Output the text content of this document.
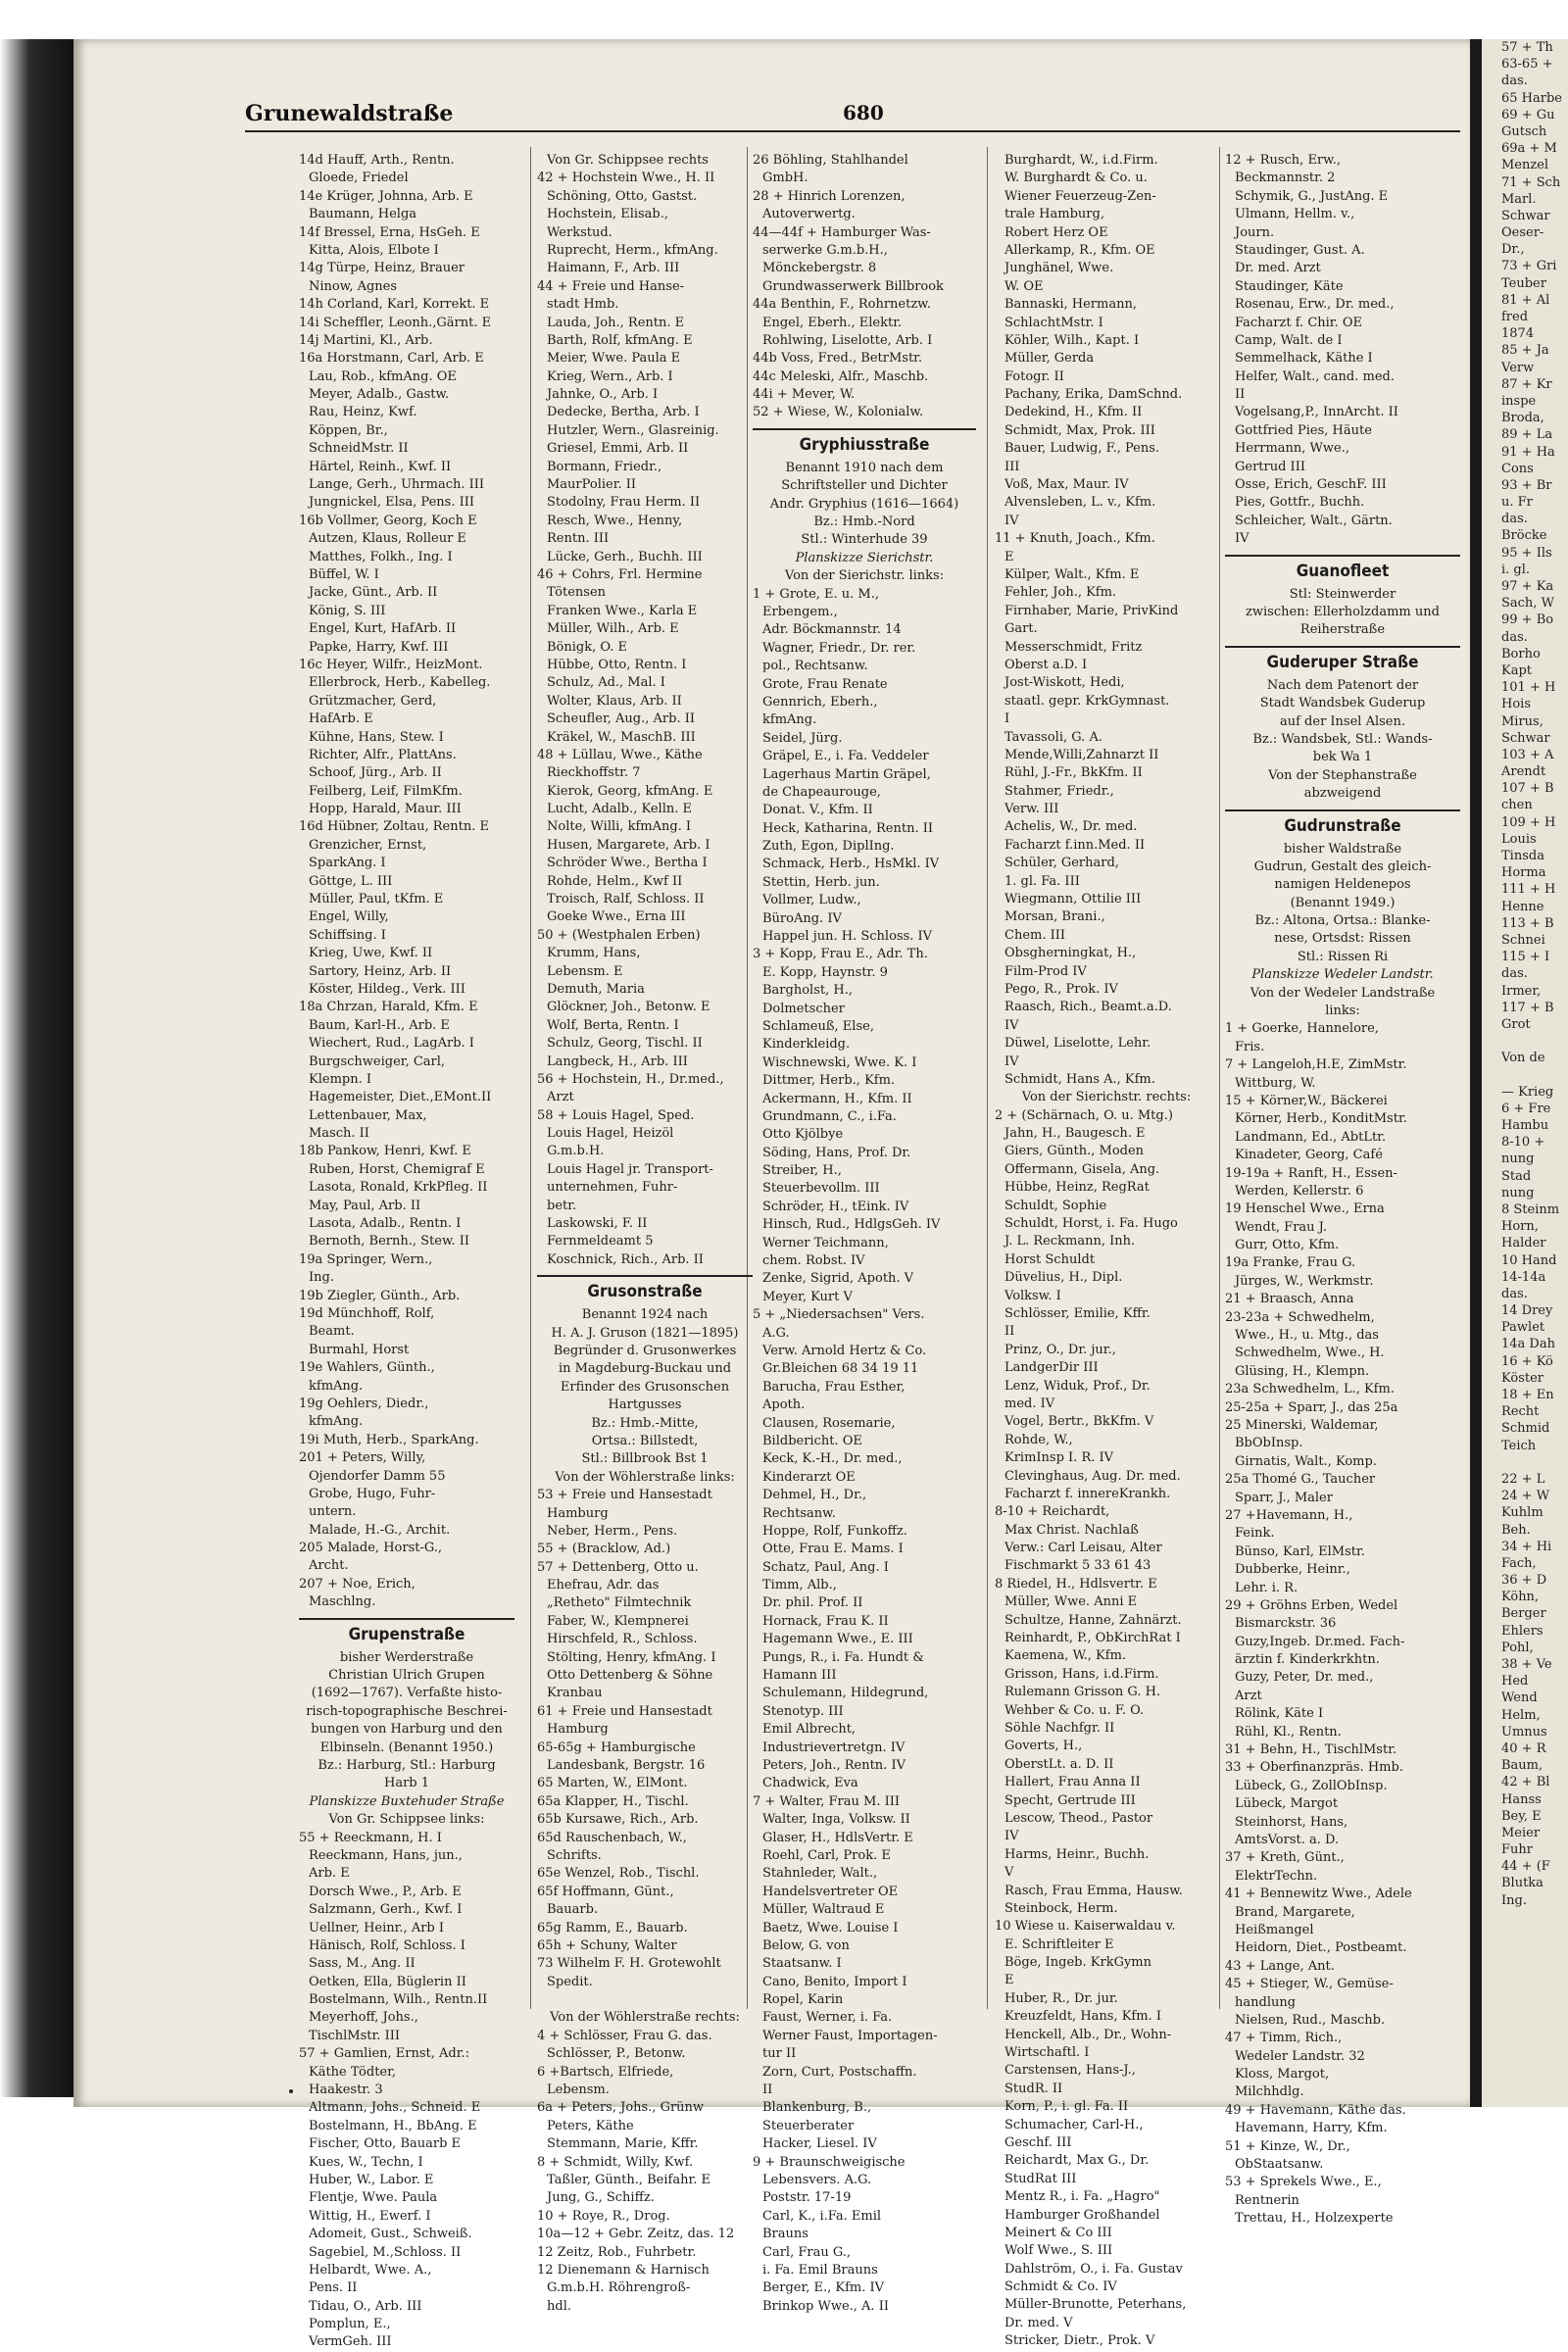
57 + Th
63-65 +
das.
65 Harbe
69 + Gu
Gutsch
69a + M
Menzel
71 + Sch
Marl.
Schwar
Oeser-
Dr.,
73 + Gri
Teuber
81 + Al
fred
1874
85 + Ja
Verw
87 + Kr
inspe
Broda,
89 + La
91 + Ha
Cons
93 + Br
u. Fr
das.
Bröcke
95 + Ils
i. gl.
97 + Ka
Sach, W
99 + Bo
das.
Borho
Kapt
101 + H
Hois
Mirus,
Schwar
103 + A
Arendt
107 + B
chen
109 + H
Louis
Tinsda
Horma
111 + H
Henne
113 + B
Schnei
115 + I
das.
Irmer,
117 + B
Grot
Von de
— Krieg
6 + Fre
Hambu
8-10 +
nung
Stad
nung
8 Steinm
Horn,
Halder
10 Hand
14-14a
das.
14 Drey
Pawlet
14a Dah
16 + Kö
Köster
18 + En
Recht
Schmid
Teich
22 + L
24 + W
Kuhlm
Beh.
34 + Hi
Fach,
36 + D
Köhn,
Berger
Ehlers
Pohl,
38 + Ve
Hed
Wend
Helm,
Umnus
40 + R
Baum,
42 + Bl
Hanss
Bey, E
Meier
Fuhr
44 + (F
Blutka
Ing.
Grunewaldstraße	680
14d Hauff, Arth., Rentn.
Gloede, Friedel
14e Krüger, Johnna, Arb. E
Baumann, Helga
14f Bressel, Erna, HsGeh. E
Kitta, Alois, Elbote I
14g Türpe, Heinz, Brauer
Ninow, Agnes
14h Corland, Karl, Korrekt. E
14i Scheffler, Leonh.,Gärnt. E
14j Martini, Kl., Arb.
16a Horstmann, Carl, Arb. E
Lau, Rob., kfmAng. OE
Meyer, Adalb., Gastw.
Rau, Heinz, Kwf.
Köppen, Br.,
SchneidMstr. II
Härtel, Reinh., Kwf. II
Lange, Gerh., Uhrmach. III
Jungnickel, Elsa, Pens. III
16b Vollmer, Georg, Koch E
Autzen, Klaus, Rolleur E
Matthes, Folkh., Ing. I
Büffel, W. I
Jacke, Günt., Arb. II
König, S. III
Engel, Kurt, HafArb. II
Papke, Harry, Kwf. III
16c Heyer, Wilfr., HeizMont.
Ellerbrock, Herb., Kabelleg.
Grützmacher, Gerd,
HafArb. E
Kühne, Hans, Stew. I
Richter, Alfr., PlattAns.
Schoof, Jürg., Arb. II
Feilberg, Leif, FilmKfm.
Hopp, Harald, Maur. III
16d Hübner, Zoltau, Rentn. E
Grenzicher, Ernst,
SparkAng. I
Göttge, L. III
Müller, Paul, tKfm. E
Engel, Willy,
Schiffsing. I
Krieg, Uwe, Kwf. II
Sartory, Heinz, Arb. II
Köster, Hildeg., Verk. III
18a Chrzan, Harald, Kfm. E
Baum, Karl-H., Arb. E
Wiechert, Rud., LagArb. I
Burgschweiger, Carl,
Klempn. I
Hagemeister, Diet.,EMont.II
Lettenbauer, Max,
Masch. II
18b Pankow, Henri, Kwf. E
Ruben, Horst, Chemigraf E
Lasota, Ronald, KrkPfleg. II
May, Paul, Arb. II
Lasota, Adalb., Rentn. I
Bernoth, Bernh., Stew. II
19a Springer, Wern.,
Ing.
19b Ziegler, Günth., Arb.
19d Münchhoff, Rolf,
Beamt.
Burmahl, Horst
19e Wahlers, Günth.,
kfmAng.
19g Oehlers, Diedr.,
kfmAng.
19i Muth, Herb., SparkAng.
201 + Peters, Willy,
Ojendorfer Damm 55
Grobe, Hugo, Fuhr-
untern.
Malade, H.-G., Archit.
205 Malade, Horst-G.,
Archt.
207 + Noe, Erich,
Maschlng.
Grupenstraße
bisher Werderstraße
Christian Ulrich Grupen
(1692—1767). Verfaßte histo-
risch-topographische Beschrei-
bungen von Harburg und den
Elbinseln. (Benannt 1950.)
Bz.: Harburg, Stl.: Harburg
Harb 1
Planskizze Buxtehuder Straße
Von Gr. Schippsee links:
55 + Reeckmann, H. I
Reeckmann, Hans, jun.,
Arb. E
Dorsch Wwe., P., Arb. E
Salzmann, Gerh., Kwf. I
Uellner, Heinr., Arb I
Hänisch, Rolf, Schloss. I
Sass, M., Ang. II
Oetken, Ella, Büglerin II
Bostelmann, Wilh., Rentn.II
Meyerhoff, Johs.,
TischlMstr. III
57 + Gamlien, Ernst, Adr.:
Käthe Tödter,
Haakestr. 3
Altmann, Johs., Schneid. E
Bostelmann, H., BbAng. E
Fischer, Otto, Bauarb E
Kues, W., Techn, I
Huber, W., Labor. E
Flentje, Wwe. Paula
Wittig, H., Ewerf. I
Adomeit, Gust., Schweiß.
Sagebiel, M.,Schloss. II
Helbardt, Wwe. A.,
Pens. II
Tidau, O., Arb. III
Pomplun, E.,
VermGeh. III
Von Gr. Schippsee rechts
42 + Hochstein Wwe., H. II
Schöning, Otto, Gastst.
Hochstein, Elisab.,
Werkstud.
Ruprecht, Herm., kfmAng.
Haimann, F., Arb. III
44 + Freie und Hanse-
stadt Hmb.
Lauda, Joh., Rentn. E
Barth, Rolf, kfmAng. E
Meier, Wwe. Paula E
Krieg, Wern., Arb. I
Jahnke, O., Arb. I
Dedecke, Bertha, Arb. I
Hutzler, Wern., Glasreinig.
Griesel, Emmi, Arb. II
Bormann, Friedr.,
MaurPolier. II
Stodolny, Frau Herm. II
Resch, Wwe., Henny,
Rentn. III
Lücke, Gerh., Buchh. III
46 + Cohrs, Frl. Hermine
Tötensen
Franken Wwe., Karla E
Müller, Wilh., Arb. E
Bönigk, O. E
Hübbe, Otto, Rentn. I
Schulz, Ad., Mal. I
Wolter, Klaus, Arb. II
Scheufler, Aug., Arb. II
Kräkel, W., MaschB. III
48 + Lüllau, Wwe., Käthe
Rieckhoffstr. 7
Kierok, Georg, kfmAng. E
Lucht, Adalb., Kelln. E
Nolte, Willi, kfmAng. I
Husen, Margarete, Arb. I
Schröder Wwe., Bertha I
Rohde, Helm., Kwf II
Troisch, Ralf, Schloss. II
Goeke Wwe., Erna III
50 + (Westphalen Erben)
Krumm, Hans,
Lebensm. E
Demuth, Maria
Glöckner, Joh., Betonw. E
Wolf, Berta, Rentn. I
Schulz, Georg, Tischl. II
Langbeck, H., Arb. III
56 + Hochstein, H., Dr.med.,
Arzt
58 + Louis Hagel, Sped.
Louis Hagel, Heizöl
G.m.b.H.
Louis Hagel jr. Transport-
unternehmen, Fuhr-
betr.
Laskowski, F. II
Fernmeldeamt 5
Koschnick, Rich., Arb. II
Grusonstraße
Benannt 1924 nach
H. A. J. Gruson (1821—1895)
Begründer d. Grusonwerkes
in Magdeburg-Buckau und
Erfinder des Grusonschen
Hartgusses
Bz.: Hmb.-Mitte,
Ortsa.: Billstedt,
Stl.: Billbrook Bst 1
Von der Wöhlerstraße links:
53 + Freie und Hansestadt
Hamburg
Neber, Herm., Pens.
55 + (Bracklow, Ad.)
57 + Dettenberg, Otto u.
Ehefrau, Adr. das
„Retheto" Filmtechnik
Faber, W., Klempnerei
Hirschfeld, R., Schloss.
Stölting, Henry, kfmAng. I
Otto Dettenberg & Söhne
Kranbau
61 + Freie und Hansestadt
Hamburg
65-65g + Hamburgische
Landesbank, Bergstr. 16
65 Marten, W., ElMont.
65a Klapper, H., Tischl.
65b Kursawe, Rich., Arb.
65d Rauschenbach, W.,
Schrifts.
65e Wenzel, Rob., Tischl.
65f Hoffmann, Günt.,
Bauarb.
65g Ramm, E., Bauarb.
65h + Schuny, Walter
73 Wilhelm F. H. Grotewohlt
Spedit.
Von der Wöhlerstraße rechts:
4 + Schlösser, Frau G. das.
Schlösser, P., Betonw.
6 +Bartsch, Elfriede,
Lebensm.
6a + Peters, Johs., Grünw
Peters, Käthe
Stemmann, Marie, Kffr.
8 + Schmidt, Willy, Kwf.
Taßler, Günth., Beifahr. E
Jung, G., Schiffz.
10 + Roye, R., Drog.
10a—12 + Gebr. Zeitz, das. 12
12 Zeitz, Rob., Fuhrbetr.
12 Dienemann & Harnisch
G.m.b.H. Röhrengroß-
hdl.
26 Böhling, Stahlhandel
GmbH.
28 + Hinrich Lorenzen,
Autoverwertg.
44—44f + Hamburger Was-
serwerke G.m.b.H.,
Mönckebergstr. 8
Grundwasserwerk Billbrook
44a Benthin, F., Rohrnetzw.
Engel, Eberh., Elektr.
Rohlwing, Liselotte, Arb. I
44b Voss, Fred., BetrMstr.
44c Meleski, Alfr., Maschb.
44i + Mever, W.
52 + Wiese, W., Kolonialw.
Gryphiusstraße
Benannt 1910 nach dem
Schriftsteller und Dichter
Andr. Gryphius (1616—1664)
Bz.: Hmb.-Nord
Stl.: Winterhude 39
Planskizze Sierichstr.
Von der Sierichstr. links:
1 + Grote, E. u. M.,
Erbengem.,
Adr. Böckmannstr. 14
Wagner, Friedr., Dr. rer.
pol., Rechtsanw.
Grote, Frau Renate
Gennrich, Eberh.,
kfmAng.
Seidel, Jürg.
Gräpel, E., i. Fa. Veddeler
Lagerhaus Martin Gräpel,
de Chapeaurouge,
Donat. V., Kfm. II
Heck, Katharina, Rentn. II
Zuth, Egon, DiplIng.
Schmack, Herb., HsMkl. IV
Stettin, Herb. jun.
Vollmer, Ludw.,
BüroAng. IV
Happel jun. H. Schloss. IV
3 + Kopp, Frau E., Adr. Th.
E. Kopp, Haynstr. 9
Bargholst, H.,
Dolmetscher
Schlameuß, Else,
Kinderkleidg.
Wischnewski, Wwe. K. I
Dittmer, Herb., Kfm.
Ackermann, H., Kfm. II
Grundmann, C., i.Fa.
Otto Kjölbye
Söding, Hans, Prof. Dr.
Streiber, H.,
Steuerbevollm. III
Schröder, H., tEink. IV
Hinsch, Rud., HdlgsGeh. IV
Werner Teichmann,
chem. Robst. IV
Zenke, Sigrid, Apoth. V
Meyer, Kurt V
5 + „Niedersachsen" Vers.
A.G.
Verw. Arnold Hertz & Co.
Gr.Bleichen 68 34 19 11
Barucha, Frau Esther,
Apoth.
Clausen, Rosemarie,
Bildbericht. OE
Keck, K.-H., Dr. med.,
Kinderarzt OE
Dehmel, H., Dr.,
Rechtsanw.
Hoppe, Rolf, Funkoffz.
Otte, Frau E. Mams. I
Schatz, Paul, Ang. I
Timm, Alb.,
Dr. phil. Prof. II
Hornack, Frau K. II
Hagemann Wwe., E. III
Pungs, R., i. Fa. Hundt &
Hamann III
Schulemann, Hildegrund,
Stenotyp. III
Emil Albrecht,
Industrievertretgn. IV
Peters, Joh., Rentn. IV
Chadwick, Eva
7 + Walter, Frau M. III
Walter, Inga, Volksw. II
Glaser, H., HdlsVertr. E
Roehl, Carl, Prok. E
Stahnleder, Walt.,
Handelsvertreter OE
Müller, Waltraud E
Baetz, Wwe. Louise I
Below, G. von
Staatsanw. I
Cano, Benito, Import I
Ropel, Karin
Faust, Werner, i. Fa.
Werner Faust, Importagen-
tur II
Zorn, Curt, Postschaffn.
II
Blankenburg, B.,
Steuerberater
Hacker, Liesel. IV
9 + Braunschweigische
Lebensvers. A.G.
Poststr. 17-19
Carl, K., i.Fa. Emil
Brauns
Carl, Frau G.,
i. Fa. Emil Brauns
Berger, E., Kfm. IV
Brinkop Wwe., A. II
Burghardt, W., i.d.Firm.
W. Burghardt & Co. u.
Wiener Feuerzeug-Zen-
trale Hamburg,
Robert Herz OE
Allerkamp, R., Kfm. OE
Junghänel, Wwe.
W. OE
Bannaski, Hermann,
SchlachtMstr. I
Köhler, Wilh., Kapt. I
Müller, Gerda
Fotogr. II
Pachany, Erika, DamSchnd.
Dedekind, H., Kfm. II
Schmidt, Max, Prok. III
Bauer, Ludwig, F., Pens.
III
Voß, Max, Maur. IV
Alvensleben, L. v., Kfm.
IV
11 + Knuth, Joach., Kfm.
E
Külper, Walt., Kfm. E
Fehler, Joh., Kfm.
Firnhaber, Marie, PrivKind
Gart.
Messerschmidt, Fritz
Oberst a.D. I
Jost-Wiskott, Hedi,
staatl. gepr. KrkGymnast.
I
Tavassoli, G. A.
Mende,Willi,Zahnarzt II
Rühl, J.-Fr., BkKfm. II
Stahmer, Friedr.,
Verw. III
Achelis, W., Dr. med.
Facharzt f.inn.Med. II
Schüler, Gerhard,
1. gl. Fa. III
Wiegmann, Ottilie III
Morsan, Brani.,
Chem. III
Obsgherningkat, H.,
Film-Prod IV
Pego, R., Prok. IV
Raasch, Rich., Beamt.a.D.
IV
Düwel, Liselotte, Lehr.
IV
Schmidt, Hans A., Kfm.
Von der Sierichstr. rechts:
2 + (Schärnach, O. u. Mtg.)
Jahn, H., Baugesch. E
Giers, Günth., Moden
Offermann, Gisela, Ang.
Hübbe, Heinz, RegRat
Schuldt, Sophie
Schuldt, Horst, i. Fa. Hugo
J. L. Reckmann, Inh.
Horst Schuldt
Düvelius, H., Dipl.
Volksw. I
Schlösser, Emilie, Kffr.
II
Prinz, O., Dr. jur.,
LandgerDir III
Lenz, Widuk, Prof., Dr.
med. IV
Vogel, Bertr., BkKfm. V
Rohde, W.,
KrimInsp I. R. IV
Clevinghaus, Aug. Dr. med.
Facharzt f. innereKrankh.
8-10 + Reichardt,
Max Christ. Nachlaß
Verw.: Carl Leisau, Alter
Fischmarkt 5 33 61 43
8 Riedel, H., Hdlsvertr. E
Müller, Wwe. Anni E
Schultze, Hanne, Zahnärzt.
Reinhardt, P., ObKirchRat I
Kaemena, W., Kfm.
Grisson, Hans, i.d.Firm.
Rulemann Grisson G. H.
Wehber & Co. u. F. O.
Söhle Nachfgr. II
Goverts, H.,
OberstLt. a. D. II
Hallert, Frau Anna II
Specht, Gertrude III
Lescow, Theod., Pastor
IV
Harms, Heinr., Buchh.
V
Rasch, Frau Emma, Hausw.
Steinbock, Herm.
10 Wiese u. Kaiserwaldau v.
E. Schriftleiter E
Böge, Ingeb. KrkGymn
E
Huber, R., Dr. jur.
Kreuzfeldt, Hans, Kfm. I
Henckell, Alb., Dr., Wohn-
Wirtschaftl. I
Carstensen, Hans-J.,
StudR. II
Korn, P., i. gl. Fa. II
Schumacher, Carl-H.,
Geschf. III
Reichardt, Max G., Dr.
StudRat III
Mentz R., i. Fa. „Hagro"
Hamburger Großhandel
Meinert & Co III
Wolf Wwe., S. III
Dahlström, O., i. Fa. Gustav
Schmidt & Co. IV
Müller-Brunotte, Peterhans,
Dr. med. V
Stricker, Dietr., Prok. V
12 + Rusch, Erw.,
Beckmannstr. 2
Schymik, G., JustAng. E
Ulmann, Hellm. v.,
Journ.
Staudinger, Gust. A.
Dr. med. Arzt
Staudinger, Käte
Rosenau, Erw., Dr. med.,
Facharzt f. Chir. OE
Camp, Walt. de I
Semmelhack, Käthe I
Helfer, Walt., cand. med.
II
Vogelsang,P., InnArcht. II
Gottfried Pies, Häute
Herrmann, Wwe.,
Gertrud III
Osse, Erich, GeschF. III
Pies, Gottfr., Buchh.
Schleicher, Walt., Gärtn.
IV
Guanofleet
Stl: Steinwerder
zwischen: Ellerholzdamm und
Reiherstraße
Guderuper Straße
Nach dem Patenort der
Stadt Wandsbek Guderup
auf der Insel Alsen.
Bz.: Wandsbek, Stl.: Wands-
bek Wa 1
Von der Stephanstraße
abzweigend
Gudrunstraße
bisher Waldstraße
Gudrun, Gestalt des gleich-
namigen Heldenepos
(Benannt 1949.)
Bz.: Altona, Ortsa.: Blanke-
nese, Ortsdst: Rissen
Stl.: Rissen Ri
Planskizze Wedeler Landstr.
Von der Wedeler Landstraße
links:
1 + Goerke, Hannelore,
Fris.
7 + Langeloh,H.E, ZimMstr.
Wittburg, W.
15 + Körner,W., Bäckerei
Körner, Herb., KonditMstr.
Landmann, Ed., AbtLtr.
Kinadeter, Georg, Café
19-19a + Ranft, H., Essen-
Werden, Kellerstr. 6
19 Henschel Wwe., Erna
Wendt, Frau J.
Gurr, Otto, Kfm.
19a Franke, Frau G.
Jürges, W., Werkmstr.
21 + Braasch, Anna
23-23a + Schwedhelm,
Wwe., H., u. Mtg., das
Schwedhelm, Wwe., H.
Glüsing, H., Klempn.
23a Schwedhelm, L., Kfm.
25-25a + Sparr, J., das 25a
25 Minerski, Waldemar,
BbObInsp.
Girnatis, Walt., Komp.
25a Thomé G., Taucher
Sparr, J., Maler
27 +Havemann, H.,
Feink.
Bünso, Karl, ElMstr.
Dubberke, Heinr.,
Lehr. i. R.
29 + Gröhns Erben, Wedel
Bismarckstr. 36
Guzy,Ingeb. Dr.med. Fach-
ärztin f. Kinderkrkhtn.
Guzy, Peter, Dr. med.,
Arzt
Rölink, Käte I
Rühl, Kl., Rentn.
31 + Behn, H., TischlMstr.
33 + Oberfinanzpräs. Hmb.
Lübeck, G., ZollObInsp.
Lübeck, Margot
Steinhorst, Hans,
AmtsVorst. a. D.
37 + Kreth, Günt.,
ElektrTechn.
41 + Bennewitz Wwe., Adele
Brand, Margarete,
Heißmangel
Heidorn, Diet., Postbeamt.
43 + Lange, Ant.
45 + Stieger, W., Gemüse-
handlung
Nielsen, Rud., Maschb.
47 + Timm, Rich.,
Wedeler Landstr. 32
Kloss, Margot,
Milchhdlg.
49 + Havemann, Käthe das.
Havemann, Harry, Kfm.
51 + Kinze, W., Dr.,
ObStaatsanw.
53 + Sprekels Wwe., E.,
Rentnerin
Trettau, H., Holzexperte
